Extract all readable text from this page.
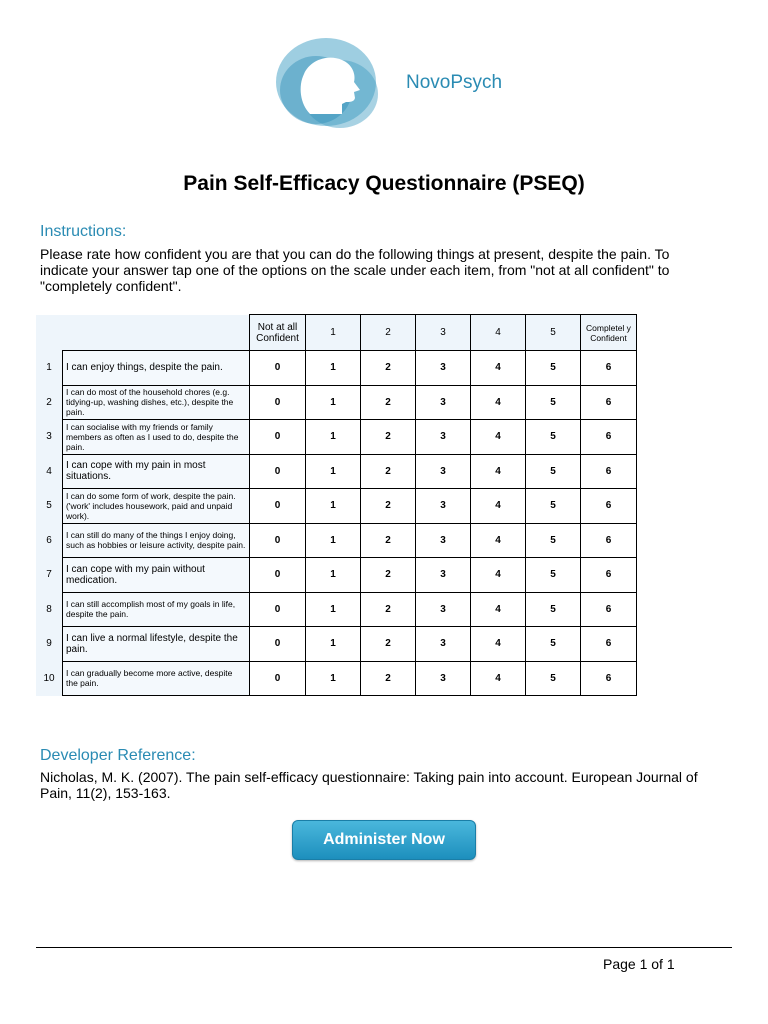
NovoPsych
Pain Self-Efficacy Questionnaire (PSEQ)
Instructions:
Please rate how confident you are that you can do the following things at present, despite the pain. To indicate your answer tap one of the options on the scale under each item, from "not at all confident" to "completely confident".
		Not at all Confident	1	2	3	4	5	Completel y Confident
1	I can enjoy things, despite the pain.	0	1	2	3	4	5	6
2	I can do most of the household chores (e.g. tidying-up, washing dishes, etc.), despite the pain.	0	1	2	3	4	5	6
3	I can socialise with my friends or family members as often as I used to do, despite the pain.	0	1	2	3	4	5	6
4	I can cope with my pain in most situations.	0	1	2	3	4	5	6
5	I can do some form of work, despite the pain. ('work' includes housework, paid and unpaid work).	0	1	2	3	4	5	6
6	I can still do many of the things I enjoy doing, such as hobbies or leisure activity, despite pain.	0	1	2	3	4	5	6
7	I can cope with my pain without medication.	0	1	2	3	4	5	6
8	I can still accomplish most of my goals in life, despite the pain.	0	1	2	3	4	5	6
9	I can live a normal lifestyle, despite the pain.	0	1	2	3	4	5	6
10	I can gradually become more active, despite the pain.	0	1	2	3	4	5	6
Developer Reference:
Nicholas, M. K. (2007). The pain self-efficacy questionnaire: Taking pain into account. European Journal of Pain, 11(2), 153-163.
Administer Now
Page 1 of 1
